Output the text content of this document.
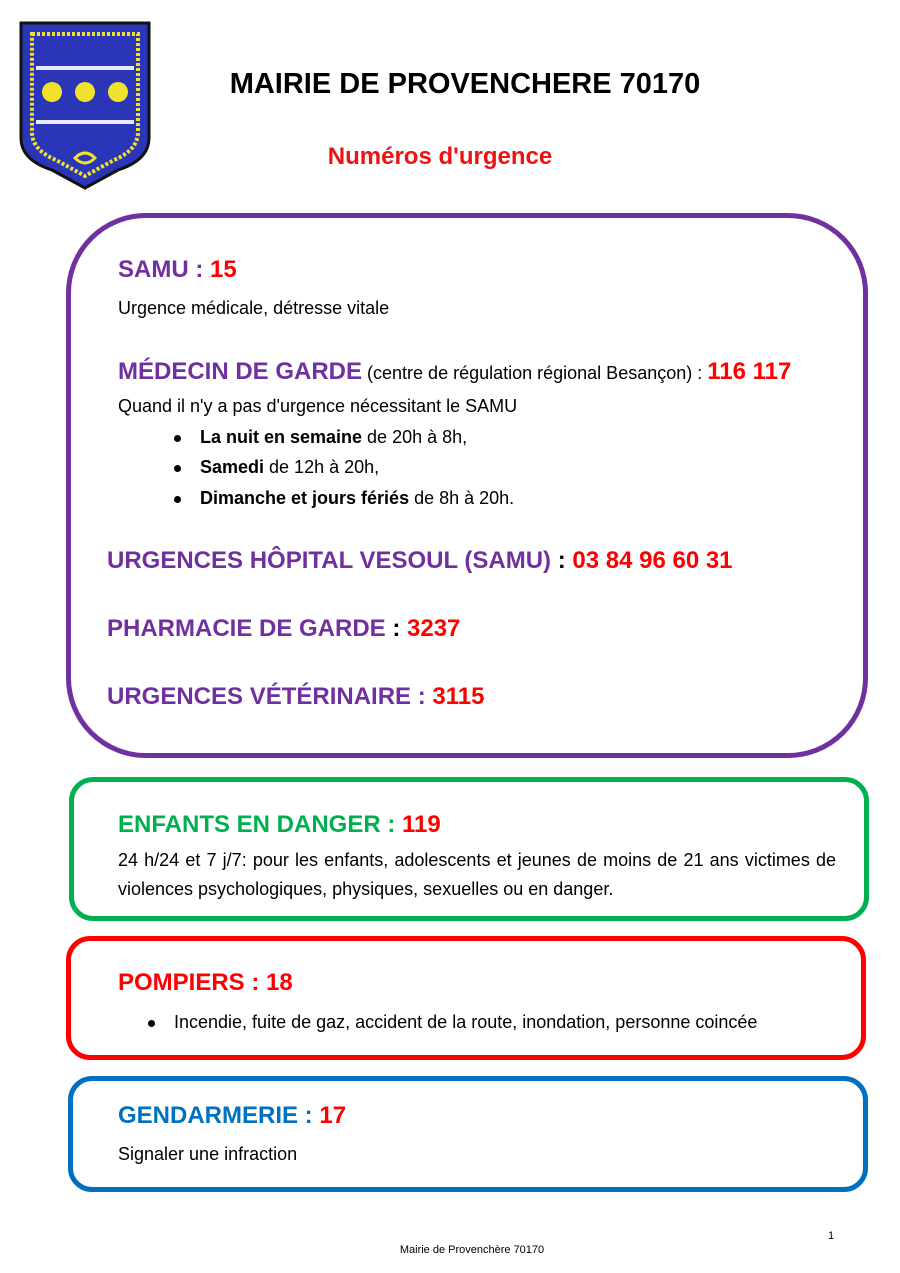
MAIRIE DE PROVENCHERE 70170
Numéros d'urgence
SAMU : 15
Urgence médicale, détresse vitale
MÉDECIN DE GARDE (centre de régulation régional Besançon) : 116 117
Quand il n'y a pas d'urgence nécessitant le SAMU
La nuit en semaine de 20h à 8h,
Samedi de 12h à 20h,
Dimanche et jours fériés de 8h à 20h.
URGENCES HÔPITAL VESOUL (SAMU) : 03 84 96 60 31
PHARMACIE DE GARDE : 3237
URGENCES VÉTÉRINAIRE : 3115
ENFANTS EN DANGER : 119

24 h/24 et 7 j/7: pour les enfants, adolescents et jeunes de moins de 21 ans victimes de violences psychologiques, physiques, sexuelles ou en danger.

POMPIERS : 18
Incendie, fuite de gaz, accident de la route, inondation, personne coincée
GENDARMERIE : 17
Signaler une infraction
1
Mairie de Provenchère 70170
